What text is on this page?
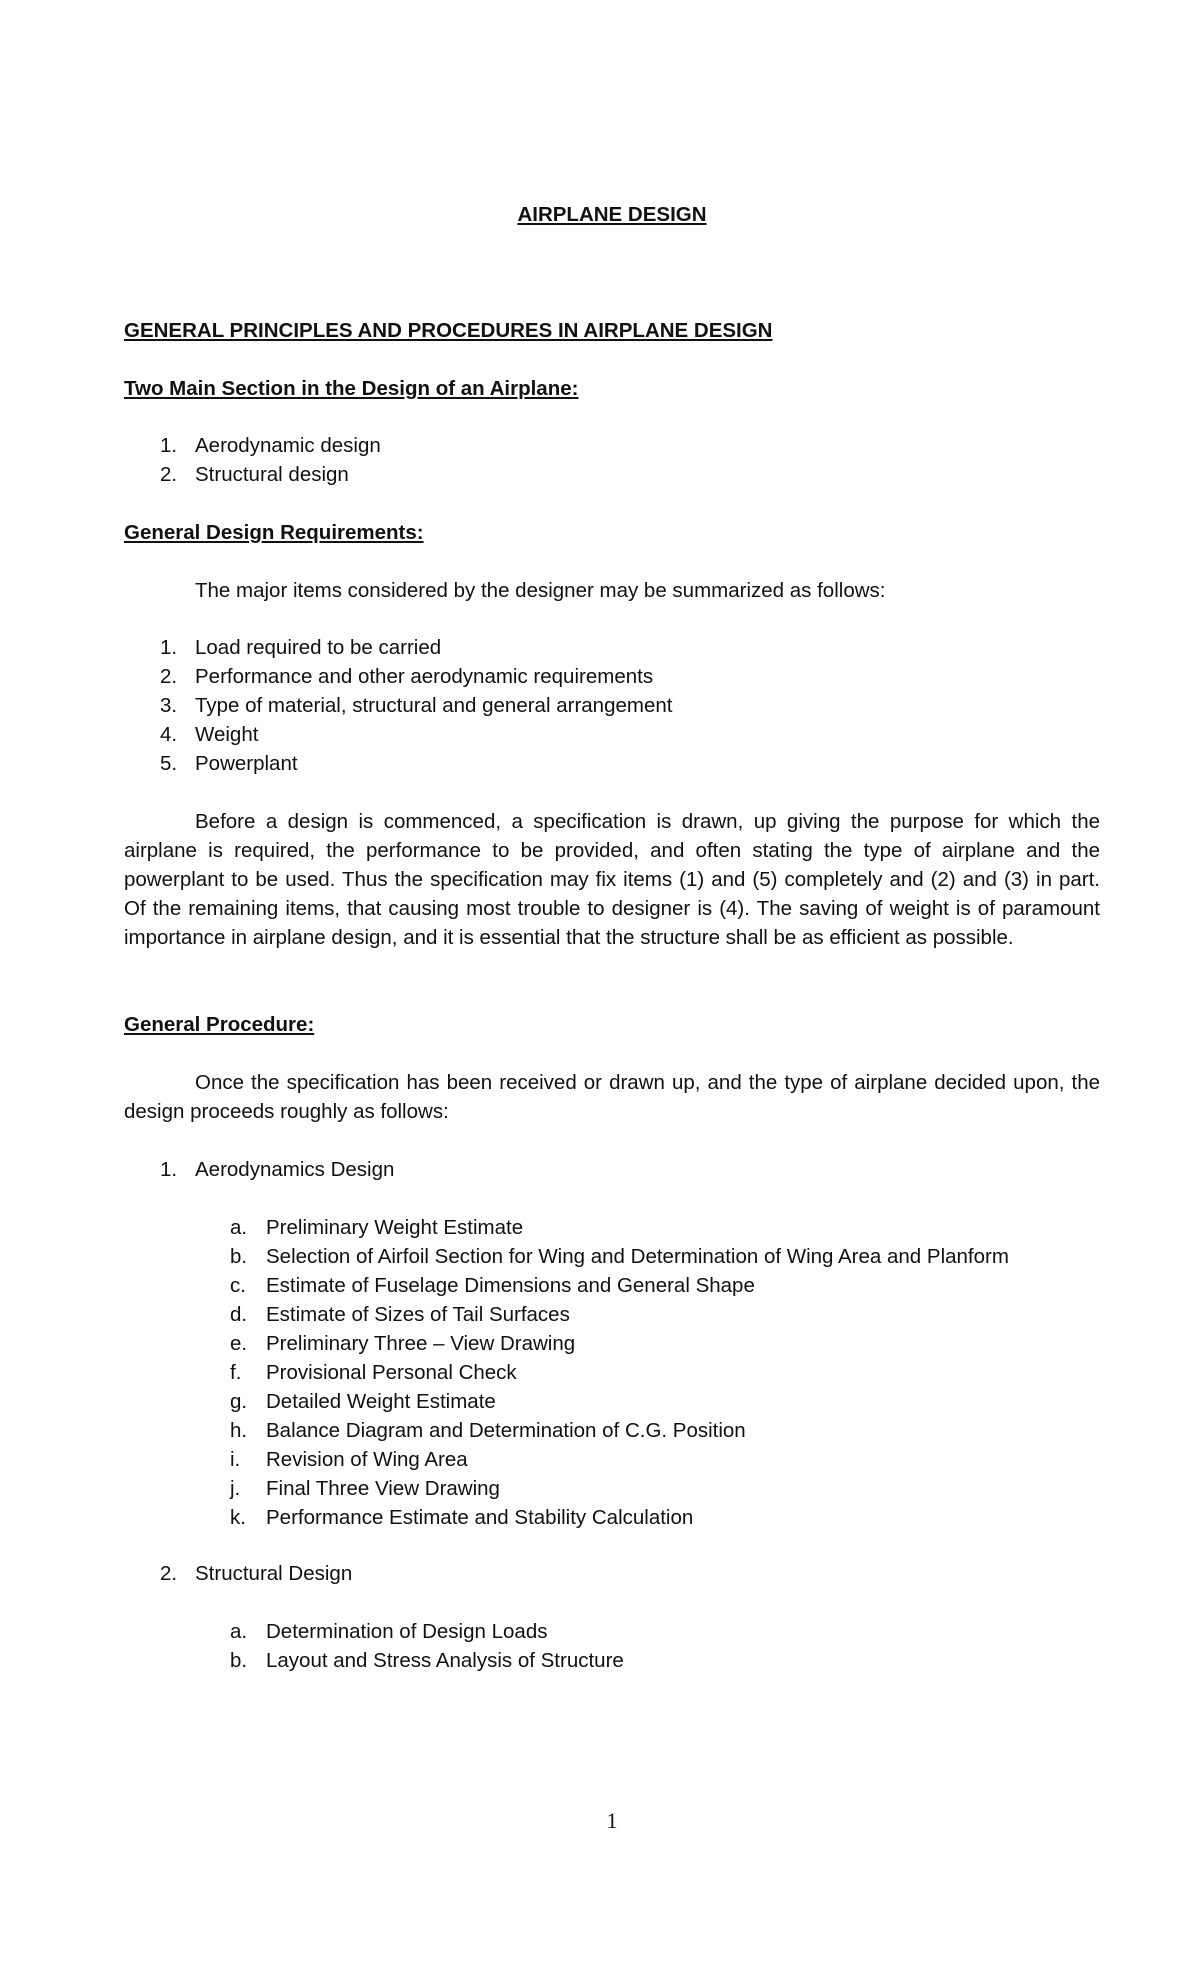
AIRPLANE DESIGN
GENERAL PRINCIPLES AND PROCEDURES IN AIRPLANE DESIGN
Two Main Section in the Design of an Airplane:
1. Aerodynamic design
2. Structural design
General Design Requirements:

The major items considered by the designer may be summarized as follows:

1. Load required to be carried
2. Performance and other aerodynamic requirements
3. Type of material, structural and general arrangement
4. Weight
5. Powerplant

Before a design is commenced, a specification is drawn, up giving the purpose for which the airplane is required, the performance to be provided, and often stating the type of airplane and the powerplant to be used. Thus the specification may fix items (1) and (5) completely and (2) and (3) in part. Of the remaining items, that causing most trouble to designer is (4). The saving of weight is of paramount importance in airplane design, and it is essential that the structure shall be as efficient as possible.

General Procedure:

Once the specification has been received or drawn up, and the type of airplane decided upon, the design proceeds roughly as follows:

1. Aerodynamics Design
a. Preliminary Weight Estimate
b. Selection of Airfoil Section for Wing and Determination of Wing Area and Planform
c. Estimate of Fuselage Dimensions and General Shape
d. Estimate of Sizes of Tail Surfaces
e. Preliminary Three – View Drawing
f. Provisional Personal Check
g. Detailed Weight Estimate
h. Balance Diagram and Determination of C.G. Position
i. Revision of Wing Area
j. Final Three View Drawing
k. Performance Estimate and Stability Calculation
2. Structural Design
a. Determination of Design Loads
b. Layout and Stress Analysis of Structure

1
